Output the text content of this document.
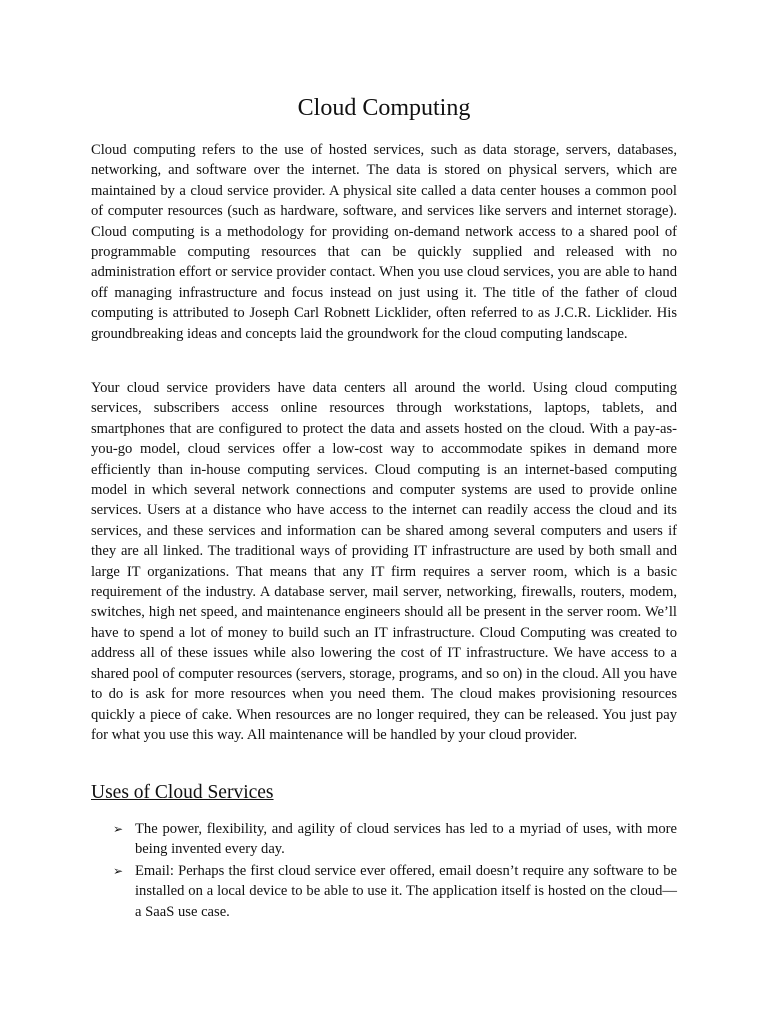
Cloud Computing

Cloud computing refers to the use of hosted services, such as data storage, servers, databases, networking, and software over the internet. The data is stored on physical servers, which are maintained by a cloud service provider. A physical site called a data center houses a common pool of computer resources (such as hardware, software, and services like servers and internet storage). Cloud computing is a methodology for providing on-demand network access to a shared pool of programmable computing resources that can be quickly supplied and released with no administration effort or service provider contact. When you use cloud services, you are able to hand off managing infrastructure and focus instead on just using it. The title of the father of cloud computing is attributed to Joseph Carl Robnett Licklider, often referred to as J.C.R. Licklider. His groundbreaking ideas and concepts laid the groundwork for the cloud computing landscape.

Your cloud service providers have data centers all around the world. Using cloud computing services, subscribers access online resources through workstations, laptops, tablets, and smartphones that are configured to protect the data and assets hosted on the cloud. With a pay-as-you-go model, cloud services offer a low-cost way to accommodate spikes in demand more efficiently than in-house computing services. Cloud computing is an internet-based computing model in which several network connections and computer systems are used to provide online services. Users at a distance who have access to the internet can readily access the cloud and its services, and these services and information can be shared among several computers and users if they are all linked. The traditional ways of providing IT infrastructure are used by both small and large IT organizations. That means that any IT firm requires a server room, which is a basic requirement of the industry. A database server, mail server, networking, firewalls, routers, modem, switches, high net speed, and maintenance engineers should all be present in the server room. We’ll have to spend a lot of money to build such an IT infrastructure. Cloud Computing was created to address all of these issues while also lowering the cost of IT infrastructure. We have access to a shared pool of computer resources (servers, storage, programs, and so on) in the cloud. All you have to do is ask for more resources when you need them. The cloud makes provisioning resources quickly a piece of cake. When resources are no longer required, they can be released. You just pay for what you use this way. All maintenance will be handled by your cloud provider.

Uses of Cloud Services
➢ The power, flexibility, and agility of cloud services has led to a myriad of uses, with more being invented every day.
➢ Email: Perhaps the first cloud service ever offered, email doesn’t require any software to be installed on a local device to be able to use it. The application itself is hosted on the cloud—a SaaS use case.
